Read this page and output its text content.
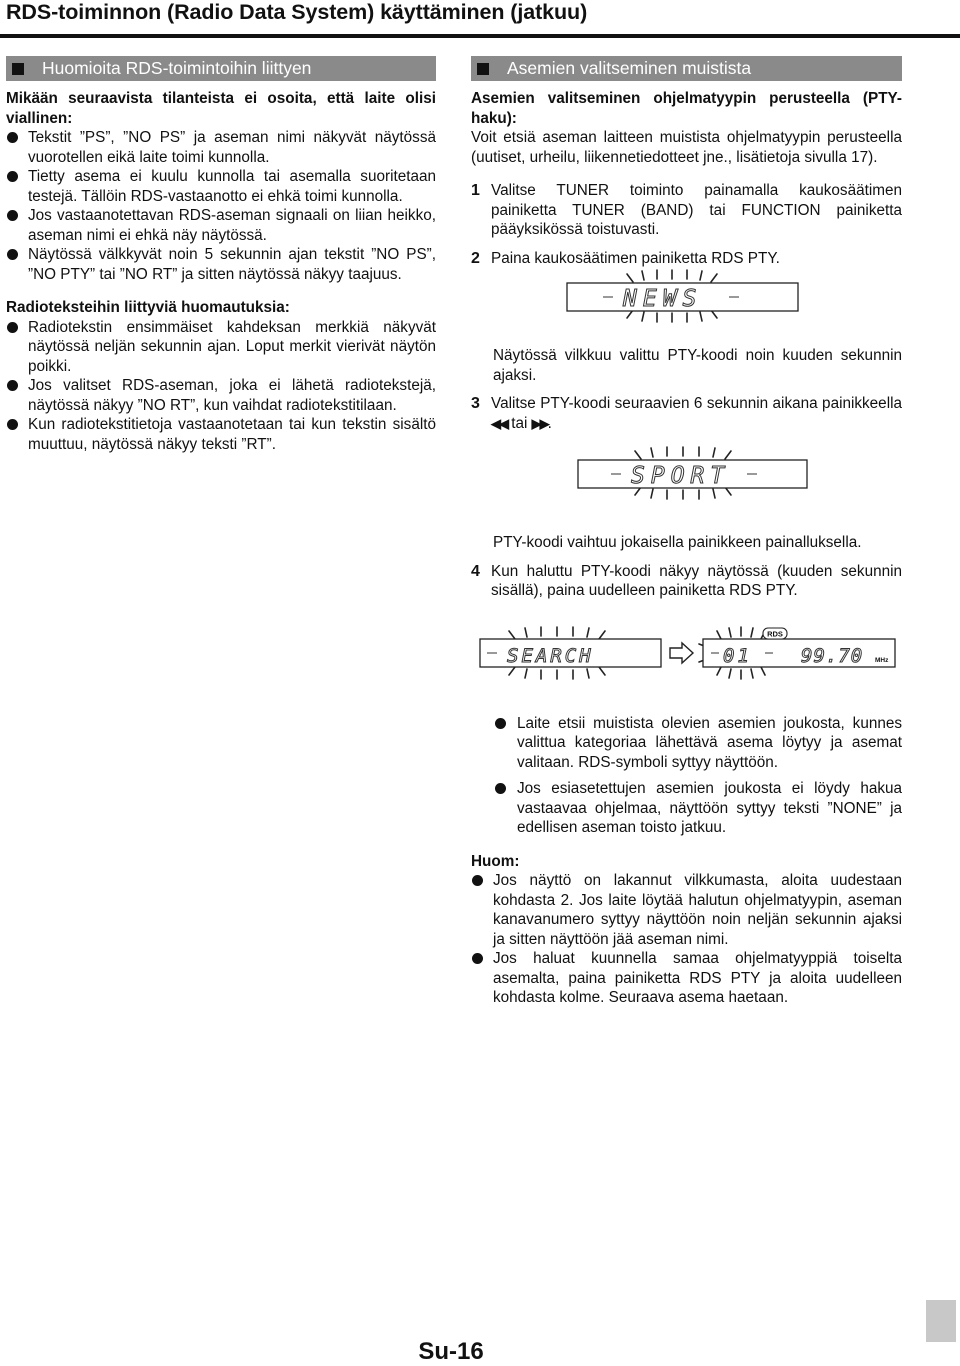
RDS-toiminnon (Radio Data System) käyttäminen (jatkuu)
Huomioita RDS-toimintoihin liittyen
Mikään seuraavista tilanteista ei osoita, että laite olisi viallinen:
Tekstit ”PS”, ”NO PS” ja aseman nimi näkyvät näytössä vuorotellen eikä laite toimi kunnolla.
Tietty asema ei kuulu kunnolla tai asemalla suoritetaan testejä. Tällöin RDS-vastaanotto ei ehkä toimi kunnolla.
Jos vastaanotettavan RDS-aseman signaali on liian heikko, aseman nimi ei ehkä näy näytössä.
Näytössä välkkyvät noin 5 sekunnin ajan tekstit ”NO PS”, ”NO PTY” tai ”NO RT” ja sitten näytössä näkyy taajuus.
Radioteksteihin liittyviä huomautuksia:
Radiotekstin ensimmäiset kahdeksan merkkiä näkyvät näytössä neljän sekunnin ajan. Loput merkit vierivät näytön poikki.
Jos valitset RDS-aseman, joka ei lähetä radiotekstejä, näytössä näkyy ”NO RT”, kun vaihdat radiotekstitilaan.
Kun radiotekstitietoja vastaanotetaan tai kun tekstin sisältö muuttuu, näytössä näkyy teksti ”RT”.
Asemien valitseminen muistista
Asemien valitseminen ohjelmatyypin perusteella (PTY-haku):
Voit etsiä aseman laitteen muistista ohjelmatyypin perusteella (uutiset, urheilu, liikennetiedotteet jne., lisätietoja sivulla 17).
1 Valitse TUNER toiminto painamalla kaukosäätimen painiketta TUNER (BAND) tai FUNCTION painiketta pääyksikössä toistuvasti.
2 Paina kaukosäätimen painiketta RDS PTY.
NEWS
Näytössä vilkkuu valittu PTY-koodi noin kuuden sekunnin ajaksi.
3 Valitse PTY-koodi seuraavien 6 sekunnin aikana painikkeella ◀◀ tai ▶▶.
SPORT
PTY-koodi vaihtuu jokaisella painikkeen painalluksella.
4 Kun haluttu PTY-koodi näkyy näytössä (kuuden sekunnin sisällä), paina uudelleen painiketta RDS PTY.
SEARCH	01
RDS
99.70 MHz
Laite etsii muistista olevien asemien joukosta, kunnes valittua kategoriaa lähettävä asema löytyy ja asemat valitaan. RDS-symboli syttyy näyttöön.
Jos esiasetettujen asemien joukosta ei löydy hakua vastaavaa ohjelmaa, näyttöön syttyy teksti ”NONE” ja edellisen aseman toisto jatkuu.
Huom:
Jos näyttö on lakannut vilkkumasta, aloita uudestaan kohdasta 2. Jos laite löytää halutun ohjelmatyypin, aseman kanavanumero syttyy näyttöön noin neljän sekunnin ajaksi ja sitten näyttöön jää aseman nimi.
Jos haluat kuunnella samaa ohjelmatyyppiä toiselta asemalta, paina painiketta RDS PTY ja aloita uudelleen kohdasta kolme. Seuraava asema haetaan.
Su-16
